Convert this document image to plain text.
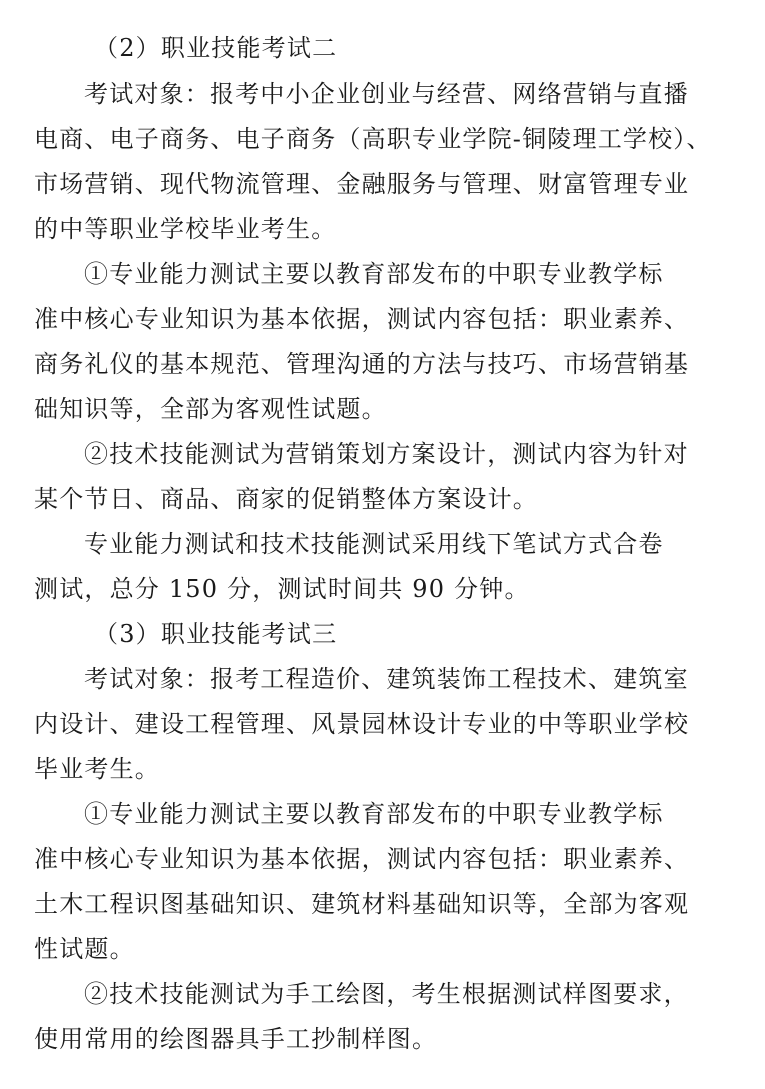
（2）职业技能考试二
考试对象：报考中小企业创业与经营、网络营销与直播
电商、电子商务、电子商务（高职专业学院-铜陵理工学校）、
市场营销、现代物流管理、金融服务与管理、财富管理专业
的中等职业学校毕业考生。
①专业能力测试主要以教育部发布的中职专业教学标
准中核心专业知识为基本依据，测试内容包括：职业素养、
商务礼仪的基本规范、管理沟通的方法与技巧、市场营销基
础知识等，全部为客观性试题。
②技术技能测试为营销策划方案设计，测试内容为针对
某个节日、商品、商家的促销整体方案设计。
专业能力测试和技术技能测试采用线下笔试方式合卷
测试，总分 150 分，测试时间共 90 分钟。
（3）职业技能考试三
考试对象：报考工程造价、建筑装饰工程技术、建筑室
内设计、建设工程管理、风景园林设计专业的中等职业学校
毕业考生。
①专业能力测试主要以教育部发布的中职专业教学标
准中核心专业知识为基本依据，测试内容包括：职业素养、
土木工程识图基础知识、建筑材料基础知识等，全部为客观
性试题。
②技术技能测试为手工绘图，考生根据测试样图要求，
使用常用的绘图器具手工抄制样图。
